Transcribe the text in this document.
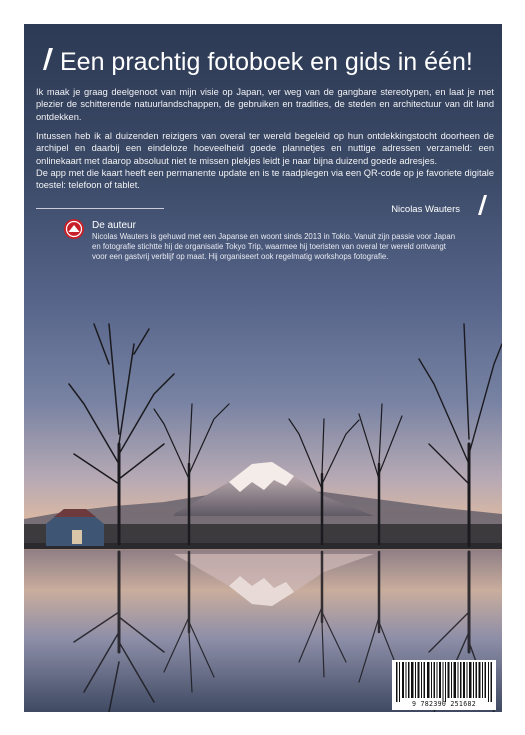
Een prachtig fotoboek en gids in één!

Ik maak je graag deelgenoot van mijn visie op Japan, ver weg van de gangbare stereotypen, en laat je met plezier de schitterende natuurlandschappen, de gebruiken en tradities, de steden en architectuur van dit land ontdekken.

Intussen heb ik al duizenden reizigers van overal ter wereld begeleid op hun ontdekkingstocht doorheen de archipel en daarbij een eindeloze hoeveelheid goede plannetjes en nuttige adressen verzameld: een onlinekaart met daarop absoluut niet te missen plekjes leidt je naar bijna duizend goede adresjes.

De app met die kaart heeft een permanente update en is te raadplegen via een QR-code op je favoriete digitale toestel: telefoon of tablet.

Nicolas Wauters
De auteur

Nicolas Wauters is gehuwd met een Japanse en woont sinds 2013 in Tokio. Vanuit zijn passie voor Japan en fotografie stichtte hij de organisatie Tokyo Trip, waarmee hij toeristen van overal ter wereld ontvangt voor een gastvrij verblijf op maat. Hij organiseert ook regelmatig workshops fotografie.

9 782390 251682
